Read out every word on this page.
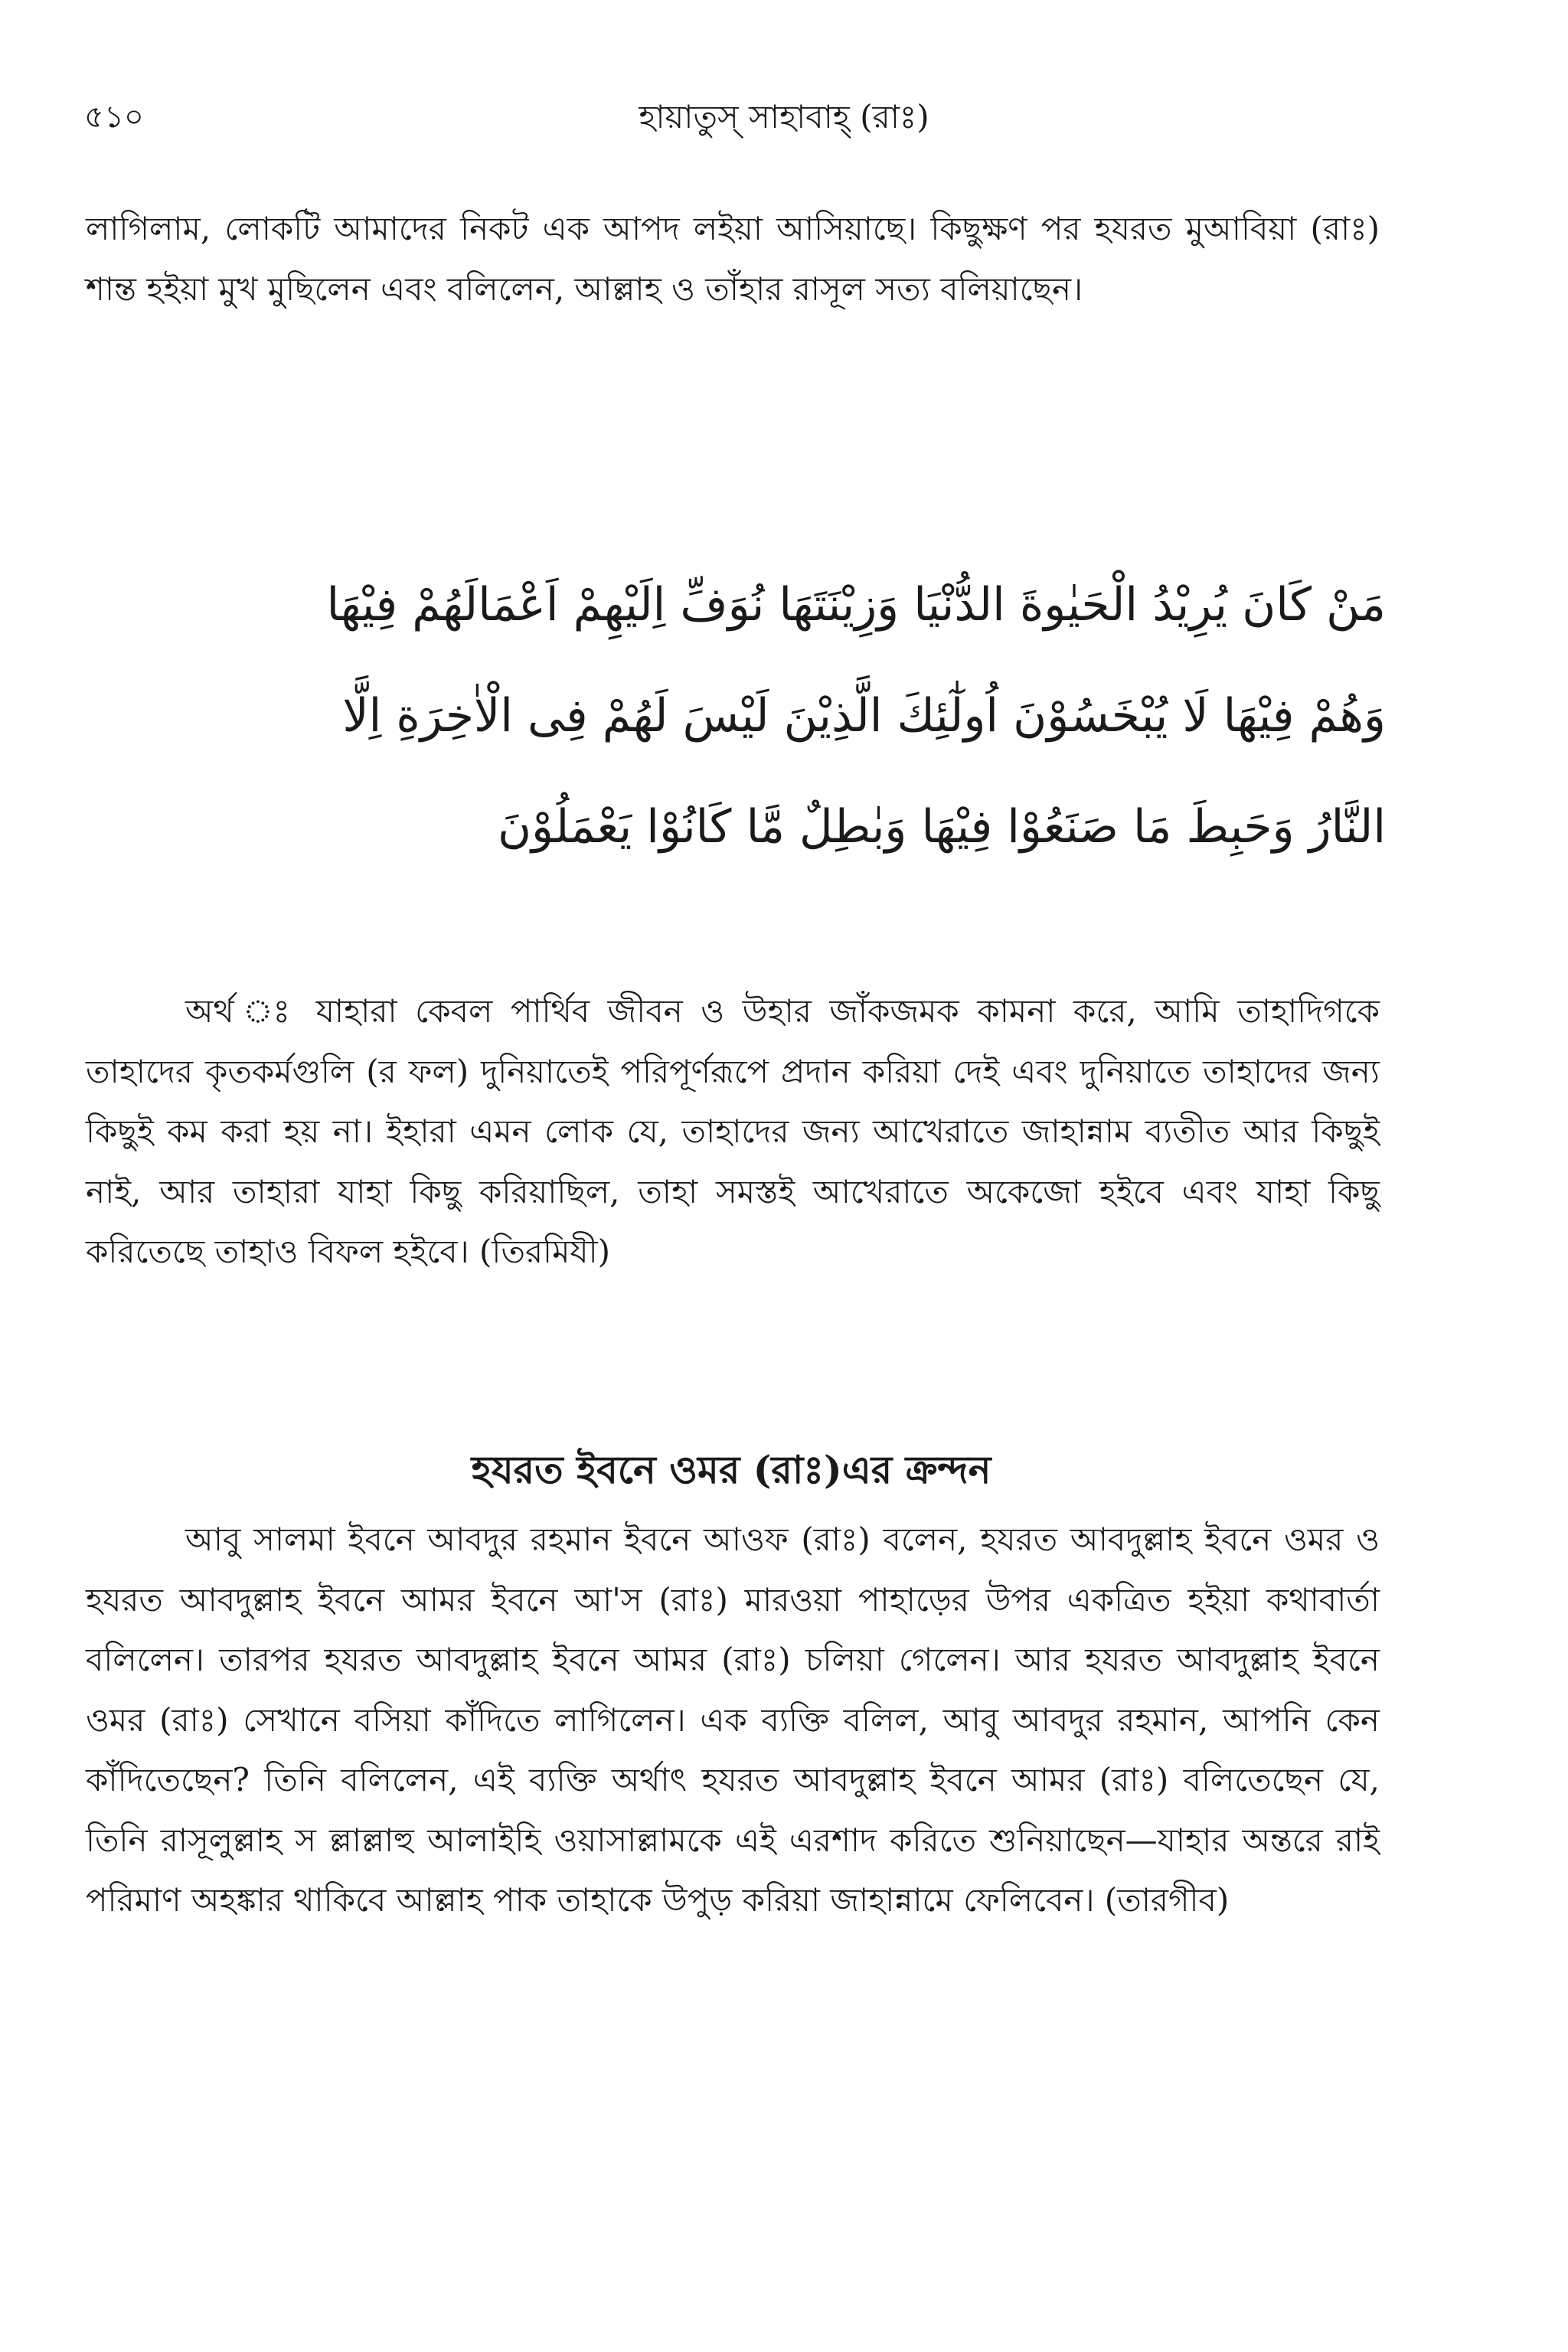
৫১০	হায়াতুস্ সাহাবাহ্ (রাঃ)
লাগিলাম, লোকটি আমাদের নিকট এক আপদ লইয়া আসিয়াছে। কিছুক্ষণ পর হযরত মুআবিয়া (রাঃ) শান্ত হইয়া মুখ মুছিলেন এবং বলিলেন, আল্লাহ ও তাঁহার রাসূল সত্য বলিয়াছেন।
مَنْ كَانَ يُرِيْدُ الْحَيٰوةَ الدُّنْيَا وَزِيْنَتَهَا نُوَفِّ اِلَيْهِمْ اَعْمَالَهُمْ فِيْهَا
وَهُمْ فِيْهَا لَا يُبْخَسُوْنَ اُولٰٓئِكَ الَّذِيْنَ لَيْسَ لَهُمْ فِى الْاٰخِرَةِ اِلَّا
النَّارُ وَحَبِطَ مَا صَنَعُوْا فِيْهَا وَبٰطِلٌ مَّا كَانُوْا يَعْمَلُوْنَ
অর্থ ঃ যাহারা কেবল পার্থিব জীবন ও উহার জাঁকজমক কামনা করে, আমি তাহাদিগকে তাহাদের কৃতকর্মগুলি (র ফল) দুনিয়াতেই পরিপূর্ণরূপে প্রদান করিয়া দেই এবং দুনিয়াতে তাহাদের জন্য কিছুই কম করা হয় না। ইহারা এমন লোক যে, তাহাদের জন্য আখেরাতে জাহান্নাম ব্যতীত আর কিছুই নাই, আর তাহারা যাহা কিছু করিয়াছিল, তাহা সমস্তই আখেরাতে অকেজো হইবে এবং যাহা কিছু করিতেছে তাহাও বিফল হইবে। (তিরমিযী)
হযরত ইবনে ওমর (রাঃ)এর ক্রন্দন
আবু সালমা ইবনে আবদুর রহমান ইবনে আওফ (রাঃ) বলেন, হযরত আবদুল্লাহ ইবনে ওমর ও হযরত আবদুল্লাহ ইবনে আমর ইবনে আ'স (রাঃ) মারওয়া পাহাড়ের উপর একত্রিত হইয়া কথাবার্তা বলিলেন। তারপর হযরত আবদুল্লাহ ইবনে আমর (রাঃ) চলিয়া গেলেন। আর হযরত আবদুল্লাহ ইবনে ওমর (রাঃ) সেখানে বসিয়া কাঁদিতে লাগিলেন। এক ব্যক্তি বলিল, আবু আবদুর রহমান, আপনি কেন কাঁদিতেছেন? তিনি বলিলেন, এই ব্যক্তি অর্থাৎ হযরত আবদুল্লাহ ইবনে আমর (রাঃ) বলিতেছেন যে, তিনি রাসূলুল্লাহ স ল্লাল্লাহু আলাইহি ওয়াসাল্লামকে এই এরশাদ করিতে শুনিয়াছেন—যাহার অন্তরে রাই পরিমাণ অহঙ্কার থাকিবে আল্লাহ পাক তাহাকে উপুড় করিয়া জাহান্নামে ফেলিবেন। (তারগীব)
